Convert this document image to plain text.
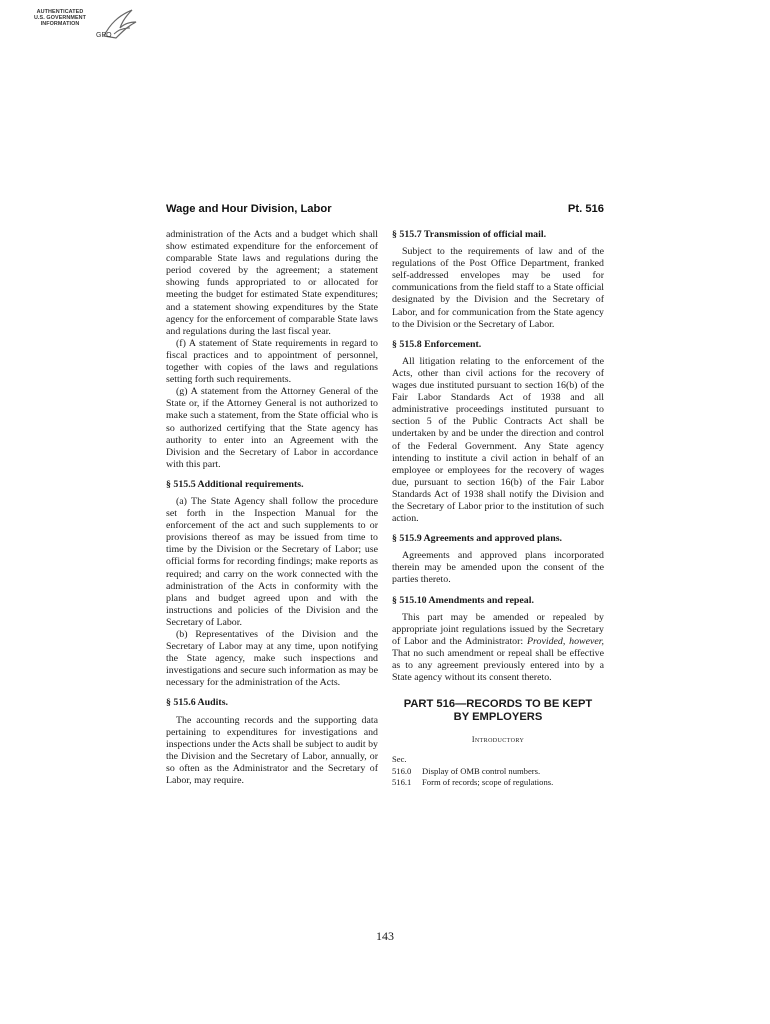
AUTHENTICATED
U.S. GOVERNMENT
INFORMATION
GPO
Wage and Hour Division, Labor	Pt. 516

administration of the Acts and a budget which shall show estimated expenditure for the enforcement of comparable State laws and regulations during the period covered by the agreement; a statement showing funds appropriated to or allocated for meeting the budget for estimated State expenditures; and a statement showing expenditures by the State agency for the enforcement of comparable State laws and regulations during the last fiscal year.

(f) A statement of State requirements in regard to fiscal practices and to appointment of personnel, together with copies of the laws and regulations setting forth such requirements.

(g) A statement from the Attorney General of the State or, if the Attorney General is not authorized to make such a statement, from the State official who is so authorized certifying that the State agency has authority to enter into an Agreement with the Division and the Secretary of Labor in accordance with this part.

§ 515.5 Additional requirements.

(a) The State Agency shall follow the procedure set forth in the Inspection Manual for the enforcement of the act and such supplements to or provisions thereof as may be issued from time to time by the Division or the Secretary of Labor; use official forms for recording findings; make reports as required; and carry on the work connected with the administration of the Acts in conformity with the plans and budget agreed upon and with the instructions and policies of the Division and the Secretary of Labor.

(b) Representatives of the Division and the Secretary of Labor may at any time, upon notifying the State agency, make such inspections and investigations and secure such information as may be necessary for the administration of the Acts.

§ 515.6 Audits.

The accounting records and the supporting data pertaining to expenditures for investigations and inspections under the Acts shall be subject to audit by the Division and the Secretary of Labor, annually, or so often as the Administrator and the Secretary of Labor, may require.

§ 515.7 Transmission of official mail.

Subject to the requirements of law and of the regulations of the Post Office Department, franked self-addressed envelopes may be used for communications from the field staff to a State official designated by the Division and the Secretary of Labor, and for communication from the State agency to the Division or the Secretary of Labor.

§ 515.8 Enforcement.

All litigation relating to the enforcement of the Acts, other than civil actions for the recovery of wages due instituted pursuant to section 16(b) of the Fair Labor Standards Act of 1938 and all administrative proceedings instituted pursuant to section 5 of the Public Contracts Act shall be undertaken by and be under the direction and control of the Federal Government. Any State agency intending to institute a civil action in behalf of an employee or employees for the recovery of wages due, pursuant to section 16(b) of the Fair Labor Standards Act of 1938 shall notify the Division and the Secretary of Labor prior to the institution of such action.

§ 515.9 Agreements and approved plans.

Agreements and approved plans incorporated therein may be amended upon the consent of the parties thereto.

§ 515.10 Amendments and repeal.

This part may be amended or repealed by appropriate joint regulations issued by the Secretary of Labor and the Administrator: Provided, however, That no such amendment or repeal shall be effective as to any agreement previously entered into by a State agency without its consent thereto.

PART 516—RECORDS TO BE KEPT
BY EMPLOYERS
Introductory
Sec.
516.0	Display of OMB control numbers.
516.1	Form of records; scope of regulations.
143
